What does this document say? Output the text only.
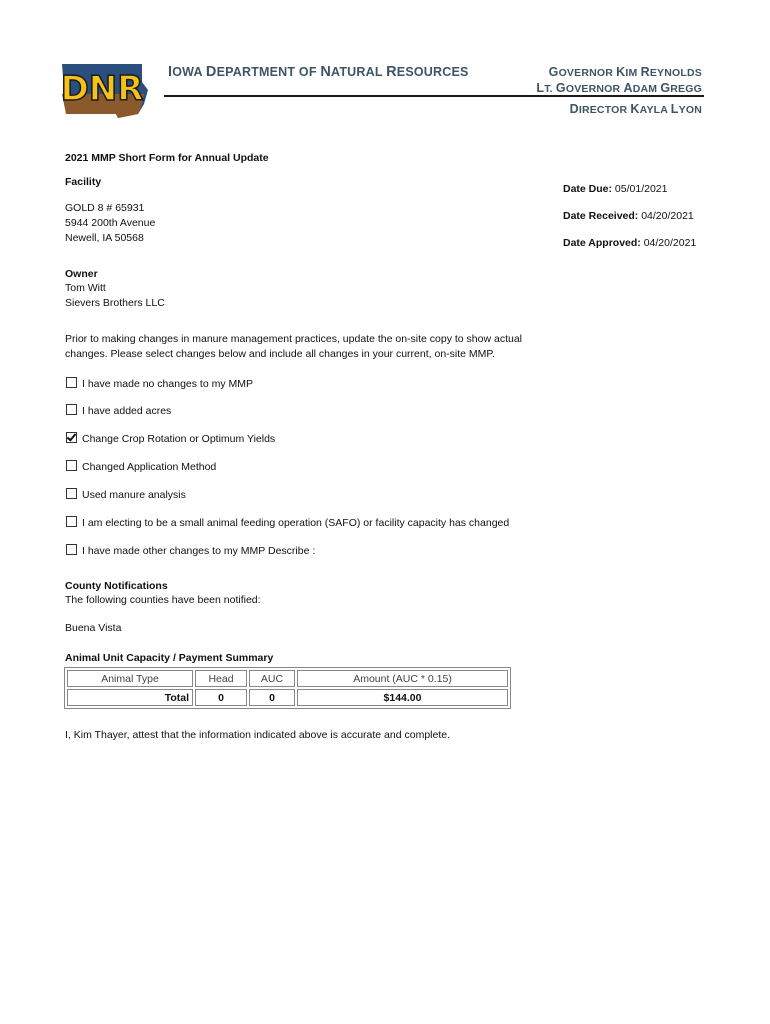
DNR IOWA DEPARTMENT OF NATURAL RESOURCES	GOVERNOR KIM REYNOLDS
LT. GOVERNOR ADAM GREGG
DIRECTOR KAYLA LYON
2021 MMP Short Form for Annual Update
Facility
GOLD 8 # 65931
5944 200th Avenue
Newell, IA 50568
Date Due: 05/01/2021
Date Received: 04/20/2021
Date Approved: 04/20/2021
Owner
Tom Witt
Sievers Brothers LLC
Prior to making changes in manure management practices, update the on-site copy to show actual
changes. Please select changes below and include all changes in your current, on-site MMP.
I have made no changes to my MMP
I have added acres
Change Crop Rotation or Optimum Yields
Changed Application Method
Used manure analysis
I am electing to be a small animal feeding operation (SAFO) or facility capacity has changed
I have made other changes to my MMP Describe :
County Notifications
The following counties have been notified:
Buena Vista
Animal Unit Capacity / Payment Summary
Animal Type	Head	AUC	Amount (AUC * 0.15)
Total	0	0	$144.00
I, Kim Thayer, attest that the information indicated above is accurate and complete.
